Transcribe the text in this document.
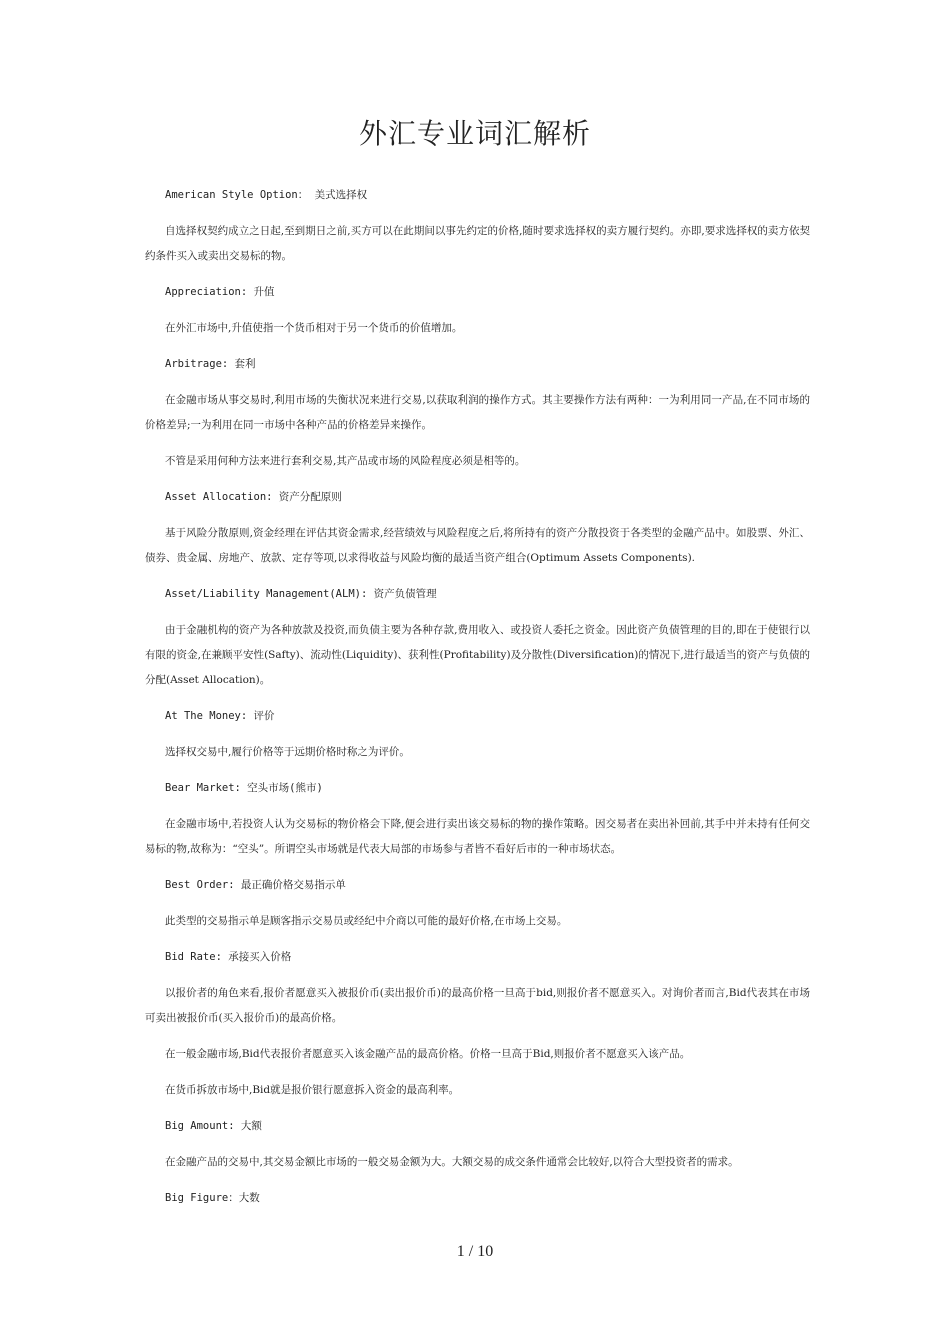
外汇专业词汇解析
American Style Option： 美式选择权
自选择权契约成立之日起,至到期日之前,买方可以在此期间以事先约定的价格,随时要求选择权的卖方履行契约。亦即,要求选择权的卖方依契约条件买入或卖出交易标的物。
Appreciation: 升值
在外汇市场中,升值使指一个货币相对于另一个货币的价值增加。
Arbitrage: 套利
在金融市场从事交易时,利用市场的失衡状况来进行交易,以获取利润的操作方式。其主要操作方法有两种：一为利用同一产品,在不同市场的价格差异;一为利用在同一市场中各种产品的价格差异来操作。
不管是采用何种方法来进行套利交易,其产品或市场的风险程度必须是相等的。
Asset Allocation: 资产分配原则
基于风险分散原则,资金经理在评估其资金需求,经营绩效与风险程度之后,将所持有的资产分散投资于各类型的金融产品中。如股票、外汇、债券、贵金属、房地产、放款、定存等项,以求得收益与风险均衡的最适当资产组合(Optimum Assets Components).
Asset/Liability Management(ALM): 资产负债管理
由于金融机构的资产为各种放款及投资,而负债主要为各种存款,费用收入、或投资人委托之资金。因此资产负债管理的目的,即在于使银行以有限的资金,在兼顾平安性(Safty)、流动性(Liquidity)、获利性(Profitability)及分散性(Diversification)的情况下,进行最适当的资产与负债的分配(Asset Allocation)。
At The Money: 评价
选择权交易中,履行价格等于远期价格时称之为评价。
Bear Market: 空头市场(熊市)
在金融市场中,若投资人认为交易标的物价格会下降,便会进行卖出该交易标的物的操作策略。因交易者在卖出补回前,其手中并未持有任何交易标的物,故称为：“空头”。所谓空头市场就是代表大局部的市场参与者皆不看好后市的一种市场状态。
Best Order: 最正确价格交易指示单
此类型的交易指示单是顾客指示交易员或经纪中介商以可能的最好价格,在市场上交易。
Bid Rate: 承接买入价格
以报价者的角色来看,报价者愿意买入被报价币(卖出报价币)的最高价格一旦高于bid,则报价者不愿意买入。对询价者而言,Bid代表其在市场可卖出被报价币(买入报价币)的最高价格。
在一般金融市场,Bid代表报价者愿意买入该金融产品的最高价格。价格一旦高于Bid,则报价者不愿意买入该产品。
在货币拆放市场中,Bid就是报价银行愿意拆入资金的最高利率。
Big Amount: 大额
在金融产品的交易中,其交易金额比市场的一般交易金额为大。大额交易的成交条件通常会比较好,以符合大型投资者的需求。
Big Figure：大数
1 / 10
